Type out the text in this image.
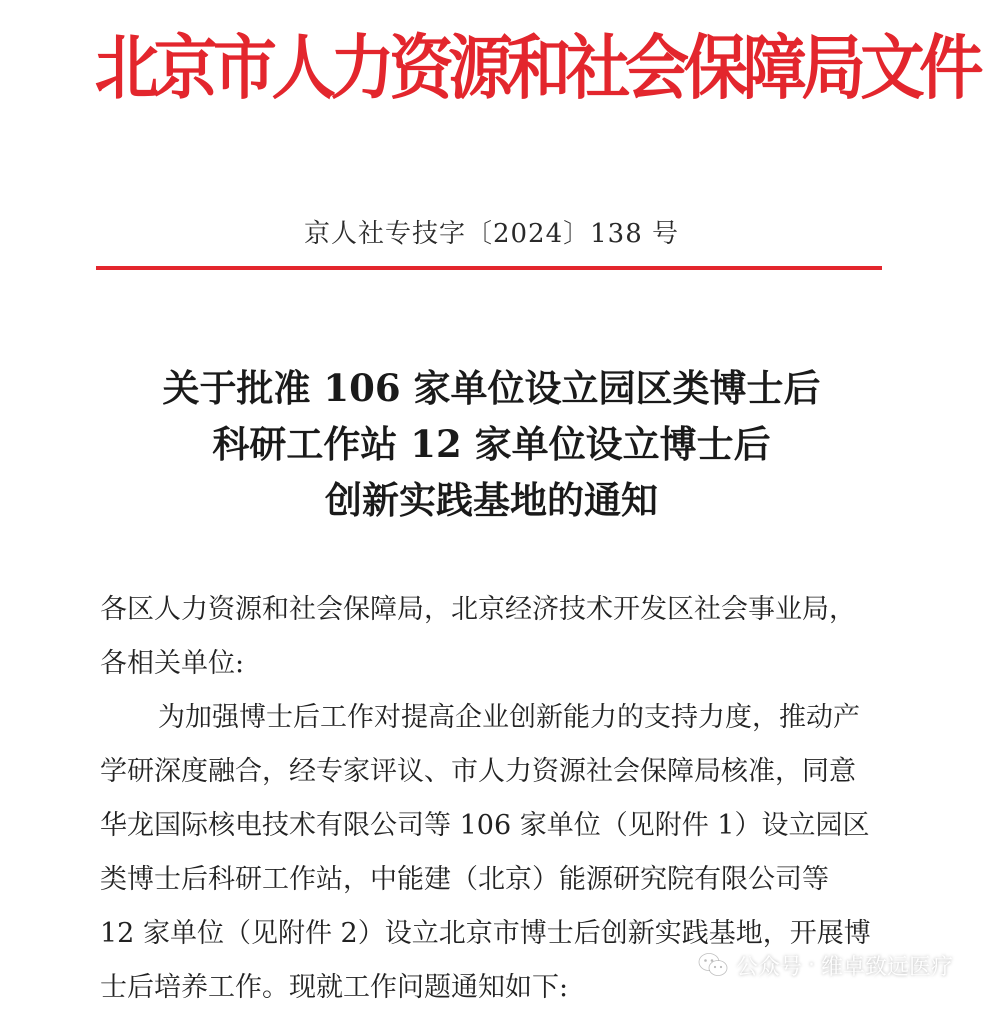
北京市人力资源和社会保障局文件
京人社专技字〔2024〕138 号
关于批准 106 家单位设立园区类博士后
科研工作站 12 家单位设立博士后
创新实践基地的通知

各区人力资源和社会保障局，北京经济技术开发区社会事业局，

各相关单位:

为加强博士后工作对提高企业创新能力的支持力度，推动产

学研深度融合，经专家评议、市人力资源社会保障局核准，同意

华龙国际核电技术有限公司等 106 家单位（见附件 1）设立园区

类博士后科研工作站，中能建（北京）能源研究院有限公司等

12 家单位（见附件 2）设立北京市博士后创新实践基地，开展博

士后培养工作。现就工作问题通知如下:

公众号 · 维卓致远医疗
